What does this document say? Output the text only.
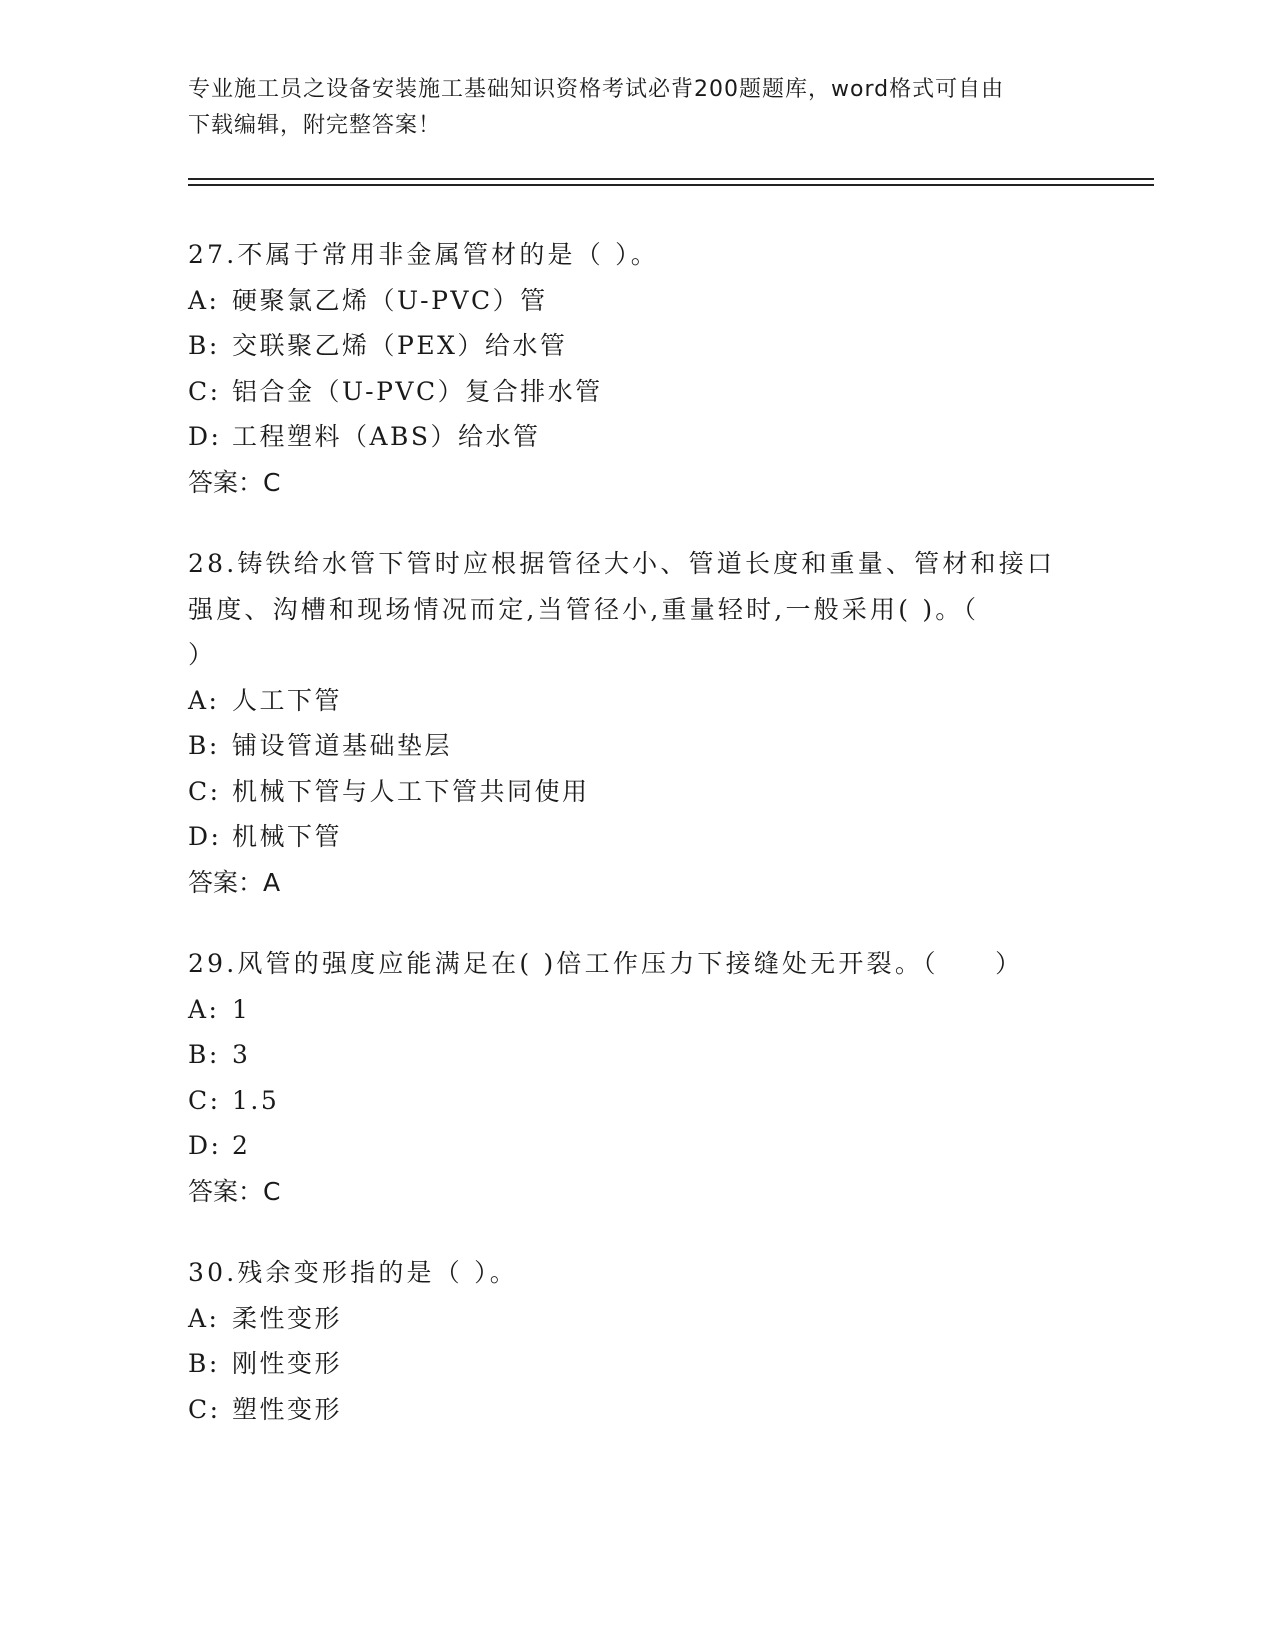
专业施工员之设备安装施工基础知识资格考试必背200题题库，word格式可自由
下载编辑，附完整答案！

27.不属于常用非金属管材的是（ ）。

A: 硬聚氯乙烯（U-PVC）管

B: 交联聚乙烯（PEX）给水管

C: 铝合金（U-PVC）复合排水管

D: 工程塑料（ABS）给水管

答案：C

28.铸铁给水管下管时应根据管径大小、管道长度和重量、管材和接口

强度、沟槽和现场情况而定,当管径小,重量轻时,一般采用( )。（

）

A: 人工下管

B: 铺设管道基础垫层

C: 机械下管与人工下管共同使用

D: 机械下管

答案：A

29.风管的强度应能满足在( )倍工作压力下接缝处无开裂。（　　）

A: 1

B: 3

C: 1.5

D: 2

答案：C

30.残余变形指的是（ ）。

A: 柔性变形

B: 刚性变形

C: 塑性变形
